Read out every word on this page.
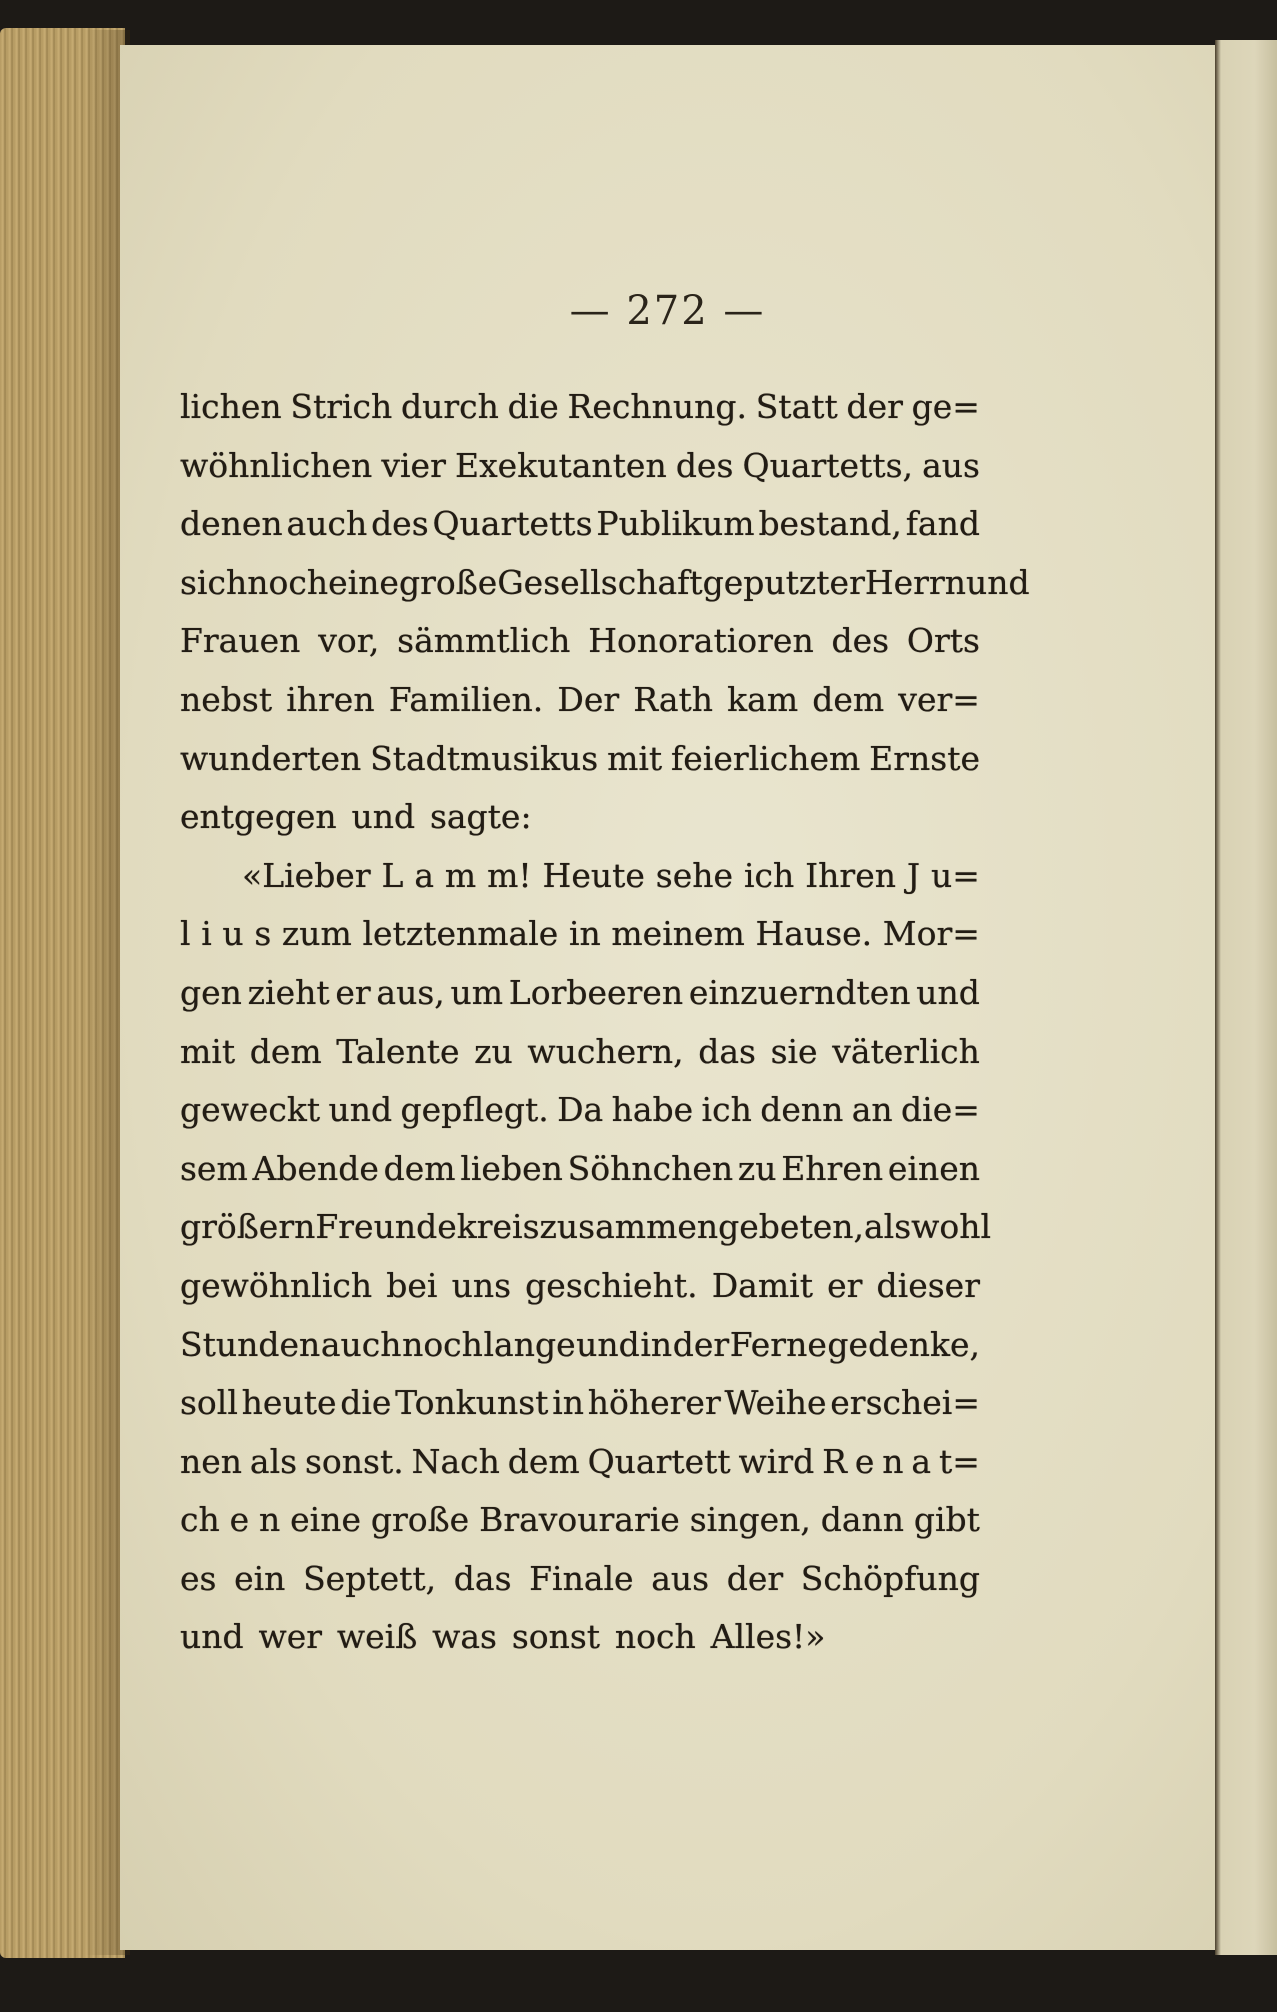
— 272 —
lichen Strich durch die Rechnung. Statt der ge=
wöhnlichen vier Exekutanten des Quartetts, aus
denen auch des Quartetts Publikum bestand, fand
sich noch eine große Gesellschaft geputzter Herrn und
Frauen vor, sämmtlich Honoratioren des Orts
nebst ihren Familien. Der Rath kam dem ver=
wunderten Stadtmusikus mit feierlichem Ernste
entgegen und sagte:
«Lieber L a m m! Heute sehe ich Ihren J u=
l i u s zum letztenmale in meinem Hause. Mor=
gen zieht er aus, um Lorbeeren einzuerndten und
mit dem Talente zu wuchern, das sie väterlich
geweckt und gepflegt. Da habe ich denn an die=
sem Abende dem lieben Söhnchen zu Ehren einen
größern Freundekreis zusammengebeten, als wohl
gewöhnlich bei uns geschieht. Damit er dieser
Stunden auch noch lange und in der Ferne gedenke,
soll heute die Tonkunst in höherer Weihe erschei=
nen als sonst. Nach dem Quartett wird R e n a t=
ch e n eine große Bravourarie singen, dann gibt
es ein Septett, das Finale aus der Schöpfung
und wer weiß was sonst noch Alles!»
